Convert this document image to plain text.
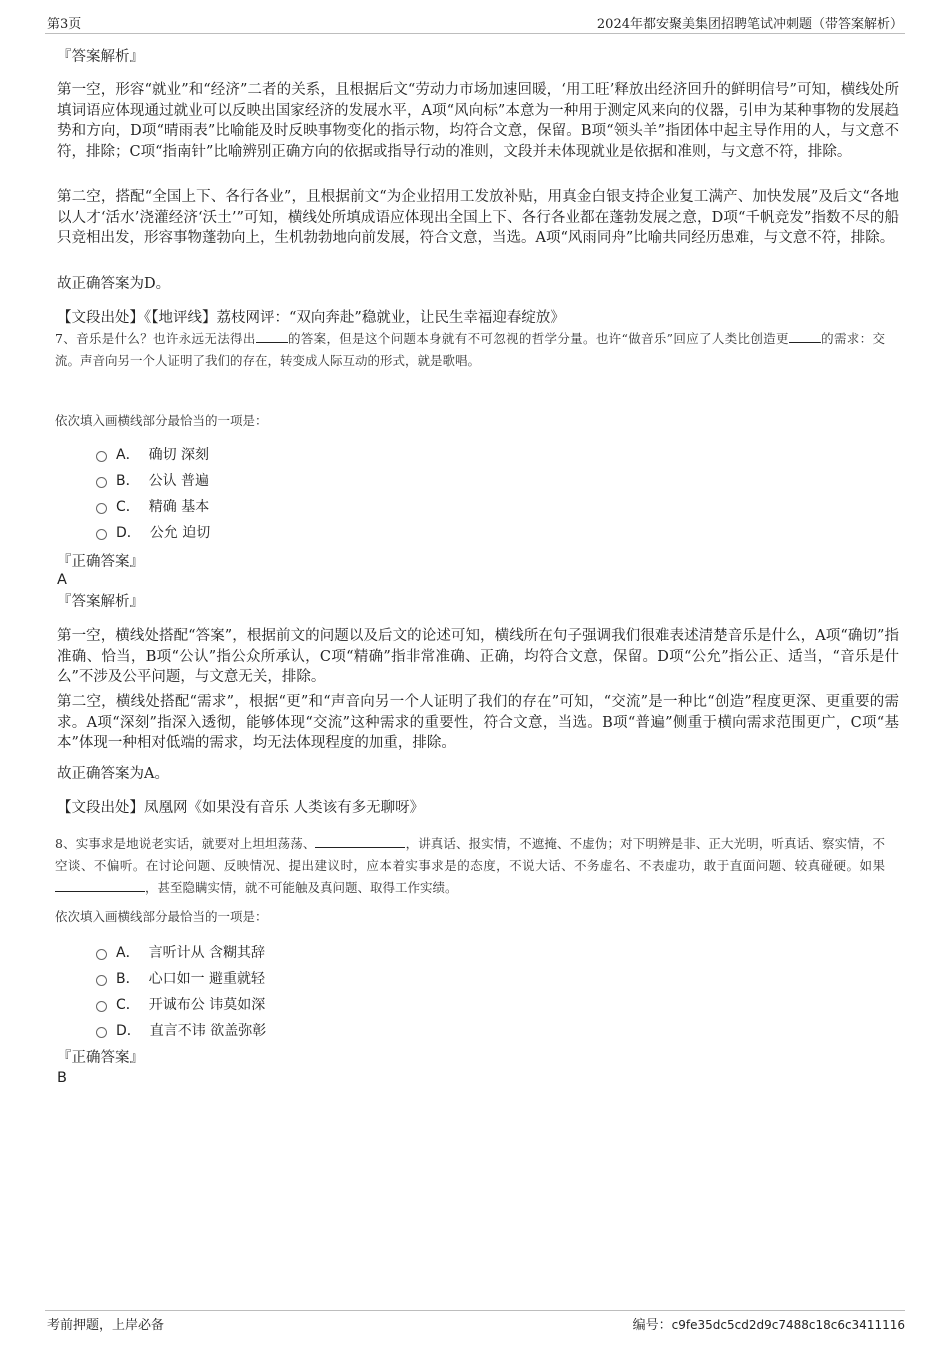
第3页	2024年都安聚美集团招聘笔试冲刺题（带答案解析）
『答案解析』

第一空，形容“就业”和“经济”二者的关系，且根据后文“劳动力市场加速回暖，‘用工旺’释放出经济回升的鲜明信号”可知，横线处所填词语应体现通过就业可以反映出国家经济的发展水平，A项“风向标”本意为一种用于测定风来向的仪器，引申为某种事物的发展趋势和方向，D项“晴雨表”比喻能及时反映事物变化的指示物，均符合文意，保留。B项“领头羊”指团体中起主导作用的人，与文意不符，排除；C项“指南针”比喻辨别正确方向的依据或指导行动的准则，文段并未体现就业是依据和准则，与文意不符，排除。

第二空，搭配“全国上下、各行各业”，且根据前文“为企业招用工发放补贴，用真金白银支持企业复工满产、加快发展”及后文“各地以人才‘活水’浇灌经济‘沃土’”可知，横线处所填成语应体现出全国上下、各行各业都在蓬勃发展之意，D项“千帆竞发”指数不尽的船只竞相出发，形容事物蓬勃向上，生机勃勃地向前发展，符合文意，当选。A项“风雨同舟”比喻共同经历患难，与文意不符，排除。

故正确答案为D。
【文段出处】《【地评线】荔枝网评：“双向奔赴”稳就业，让民生幸福迎春绽放》

7、音乐是什么？也许永远无法得出	的答案，但是这个问题本身就有不可忽视的哲学分量。也许“做音乐”回应了人类比创造更	的需求：交流。声音向另一个人证明了我们的存在，转变成人际互动的形式，就是歌唱。

依次填入画横线部分最恰当的一项是：
A． 确切 深刻
B． 公认 普遍
C． 精确 基本
D． 公允 迫切
『正确答案』
A
『答案解析』

第一空，横线处搭配“答案”，根据前文的问题以及后文的论述可知，横线所在句子强调我们很难表述清楚音乐是什么，A项“确切”指准确、恰当，B项“公认”指公众所承认，C项“精确”指非常准确、正确，均符合文意，保留。D项“公允”指公正、适当，“音乐是什么”不涉及公平问题，与文意无关，排除。

第二空，横线处搭配“需求”，根据“更”和“声音向另一个人证明了我们的存在”可知，“交流”是一种比“创造”程度更深、更重要的需求。A项“深刻”指深入透彻，能够体现“交流”这种需求的重要性，符合文意，当选。B项“普遍”侧重于横向需求范围更广，C项“基本”体现一种相对低端的需求，均无法体现程度的加重，排除。

故正确答案为A。
【文段出处】凤凰网《如果没有音乐 人类该有多无聊呀》

8、实事求是地说老实话，就要对上坦坦荡荡、	，讲真话、报实情，不遮掩、不虚伪；对下明辨是非、正大光明，听真话、察实情，不空谈、不偏听。在讨论问题、反映情况、提出建议时，应本着实事求是的态度，不说大话、不务虚名、不表虚功，敢于直面问题、较真碰硬。如果，甚至隐瞒实情，就不可能触及真问题、取得工作实绩。

依次填入画横线部分最恰当的一项是：
A． 言听计从 含糊其辞
B． 心口如一 避重就轻
C． 开诚布公 讳莫如深
D． 直言不讳 欲盖弥彰
『正确答案』
B
考前押题，上岸必备	编号：c9fe35dc5cd2d9c7488c18c6c3411116
